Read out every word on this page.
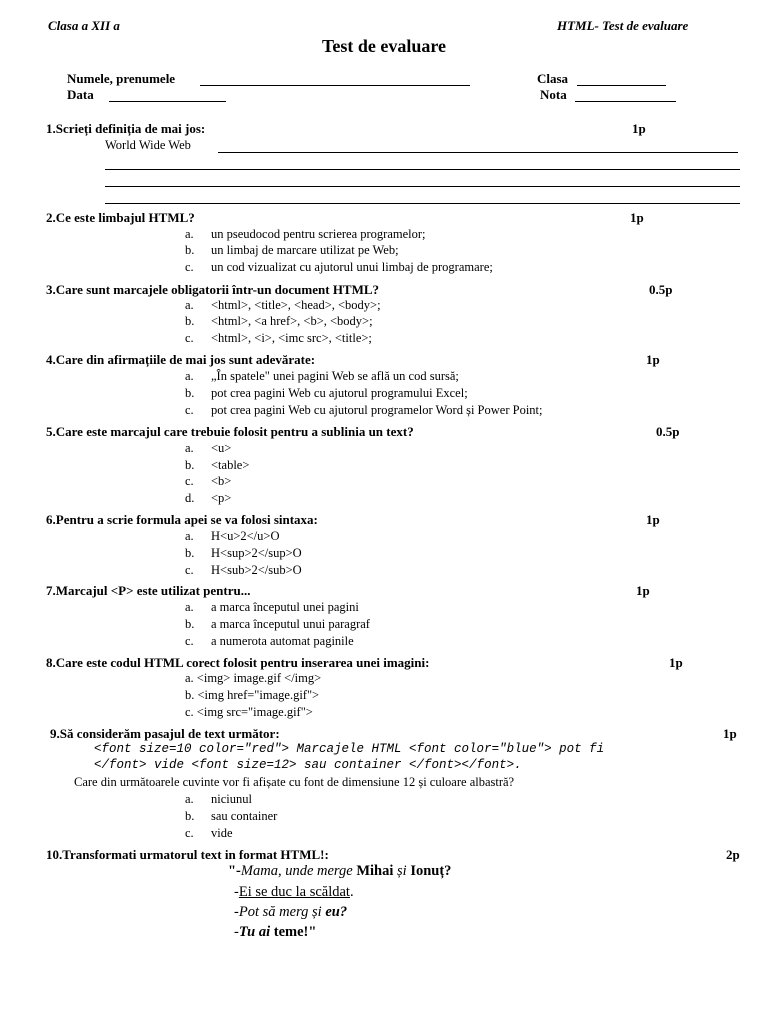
Clasa a XII a	HTML- Test de evaluare
Test de evaluare
Numele, prenumele	Clasa
Data	Nota
1.Scrieți definiția de mai jos:	1p
World Wide Web
2.Ce este limbajul HTML?	1p
a. un pseudocod pentru scrierea programelor;
b. un limbaj de marcare utilizat pe Web;
c. un cod vizualizat cu ajutorul unui limbaj de programare;
3.Care sunt marcajele obligatorii într-un document HTML?	0.5p
a. <html>, <title>, <head>, <body>;
b. <html>, <a href>, <b>, <body>;
c. <html>, <i>, <imc src>, <title>;
4.Care din afirmațiile de mai jos sunt adevărate:	1p
a. „În spatele" unei pagini Web se află un cod sursă;
b. pot crea pagini Web cu ajutorul programului Excel;
c. pot crea pagini Web cu ajutorul programelor Word și Power Point;
5.Care este marcajul care trebuie folosit pentru a sublinia un text?	0.5p
a. <u>
b. <table>
c. <b>
d. <p>
6.Pentru a scrie formula apei se va folosi sintaxa:	1p
a. H<u>2</u>O
b. H<sup>2</sup>O
c. H<sub>2</sub>O
7.Marcajul <P> este utilizat pentru...	1p
a. a marca începutul unei pagini
b. a marca începutul unui paragraf
c. a numerota automat paginile
8.Care este codul HTML corect folosit pentru inserarea unei imagini:	1p
a. <img> image.gif </img>
b. <img href="image.gif">
c. <img src="image.gif">
9.Să considerăm pasajul de text următor:	1p
<font size=10 color="red"> Marcajele HTML <font color="blue"> pot fi
</font> vide <font size=12> sau container </font></font>.
Care din următoarele cuvinte vor fi afișate cu font de dimensiune 12 și culoare albastră?
a. niciunul
b. sau container
c. vide
10.Transformati urmatorul text in format HTML!:	2p
"-Mama, unde merge Mihai și Ionuț?
-Ei se duc la scăldat.
-Pot să merg și eu?
-Tu ai teme!"
